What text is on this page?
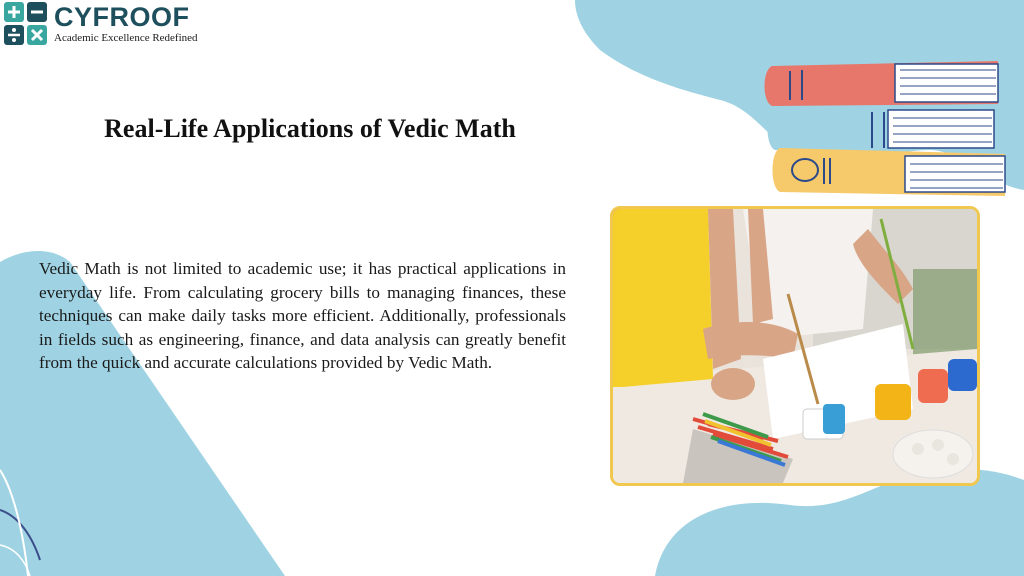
CYFROOF
Academic Excellence Redefined
Real-Life Applications of Vedic Math

Vedic Math is not limited to academic use; it has practical applications in everyday life. From calculating grocery bills to managing finances, these techniques can make daily tasks more efficient. Additionally, professionals in fields such as engineering, finance, and data analysis can greatly benefit from the quick and accurate calculations provided by Vedic Math.
